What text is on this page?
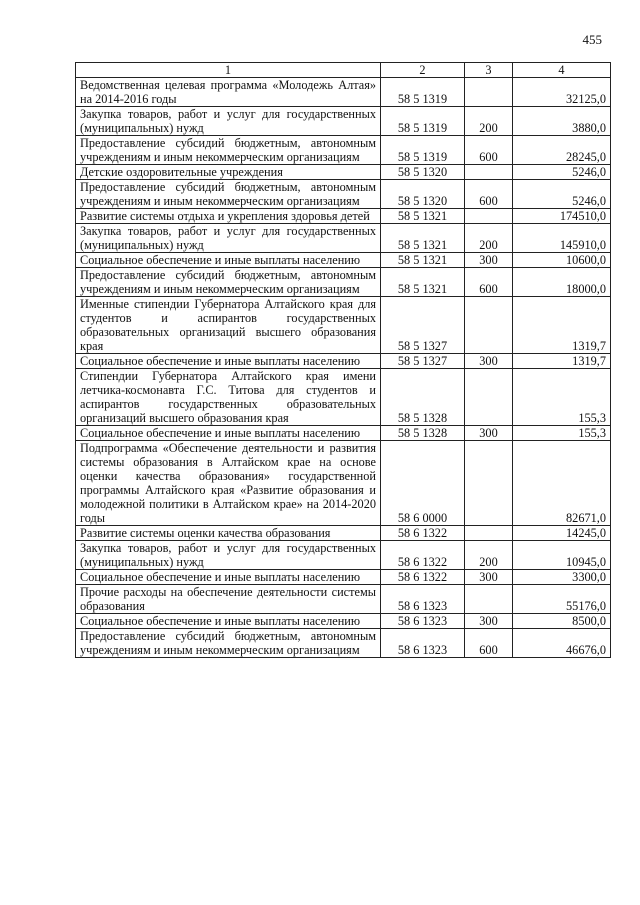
455
1	2	3	4
Ведомственная целевая программа «Молодежь Алтая» на 2014-2016 годы	58 5 1319		32125,0
Закупка товаров, работ и услуг для государственных (муниципальных) нужд	58 5 1319	200	3880,0
Предоставление субсидий бюджетным, автономным учреждениям и иным некоммерческим организациям	58 5 1319	600	28245,0
Детские оздоровительные учреждения	58 5 1320		5246,0
Предоставление субсидий бюджетным, автономным учреждениям и иным некоммерческим организациям	58 5 1320	600	5246,0
Развитие системы отдыха и укрепления здоровья детей	58 5 1321		174510,0
Закупка товаров, работ и услуг для государственных (муниципальных) нужд	58 5 1321	200	145910,0
Социальное обеспечение и иные выплаты населению	58 5 1321	300	10600,0
Предоставление субсидий бюджетным, автономным учреждениям и иным некоммерческим организациям	58 5 1321	600	18000,0
Именные стипендии Губернатора Алтайского края для студентов и аспирантов государственных образовательных организаций высшего образования края	58 5 1327		1319,7
Социальное обеспечение и иные выплаты населению	58 5 1327	300	1319,7
Стипендии Губернатора Алтайского края имени летчика-космонавта Г.С. Титова для студентов и аспирантов государственных образовательных организаций высшего образования края	58 5 1328		155,3
Социальное обеспечение и иные выплаты населению	58 5 1328	300	155,3
Подпрограмма «Обеспечение деятельности и развития системы образования в Алтайском крае на основе оценки качества образования» государственной программы Алтайского края «Развитие образования и молодежной политики в Алтайском крае» на 2014-2020 годы	58 6 0000		82671,0
Развитие системы оценки качества образования	58 6 1322		14245,0
Закупка товаров, работ и услуг для государственных (муниципальных) нужд	58 6 1322	200	10945,0
Социальное обеспечение и иные выплаты населению	58 6 1322	300	3300,0
Прочие расходы на обеспечение деятельности системы образования	58 6 1323		55176,0
Социальное обеспечение и иные выплаты населению	58 6 1323	300	8500,0
Предоставление субсидий бюджетным, автономным учреждениям и иным некоммерческим организациям	58 6 1323	600	46676,0
